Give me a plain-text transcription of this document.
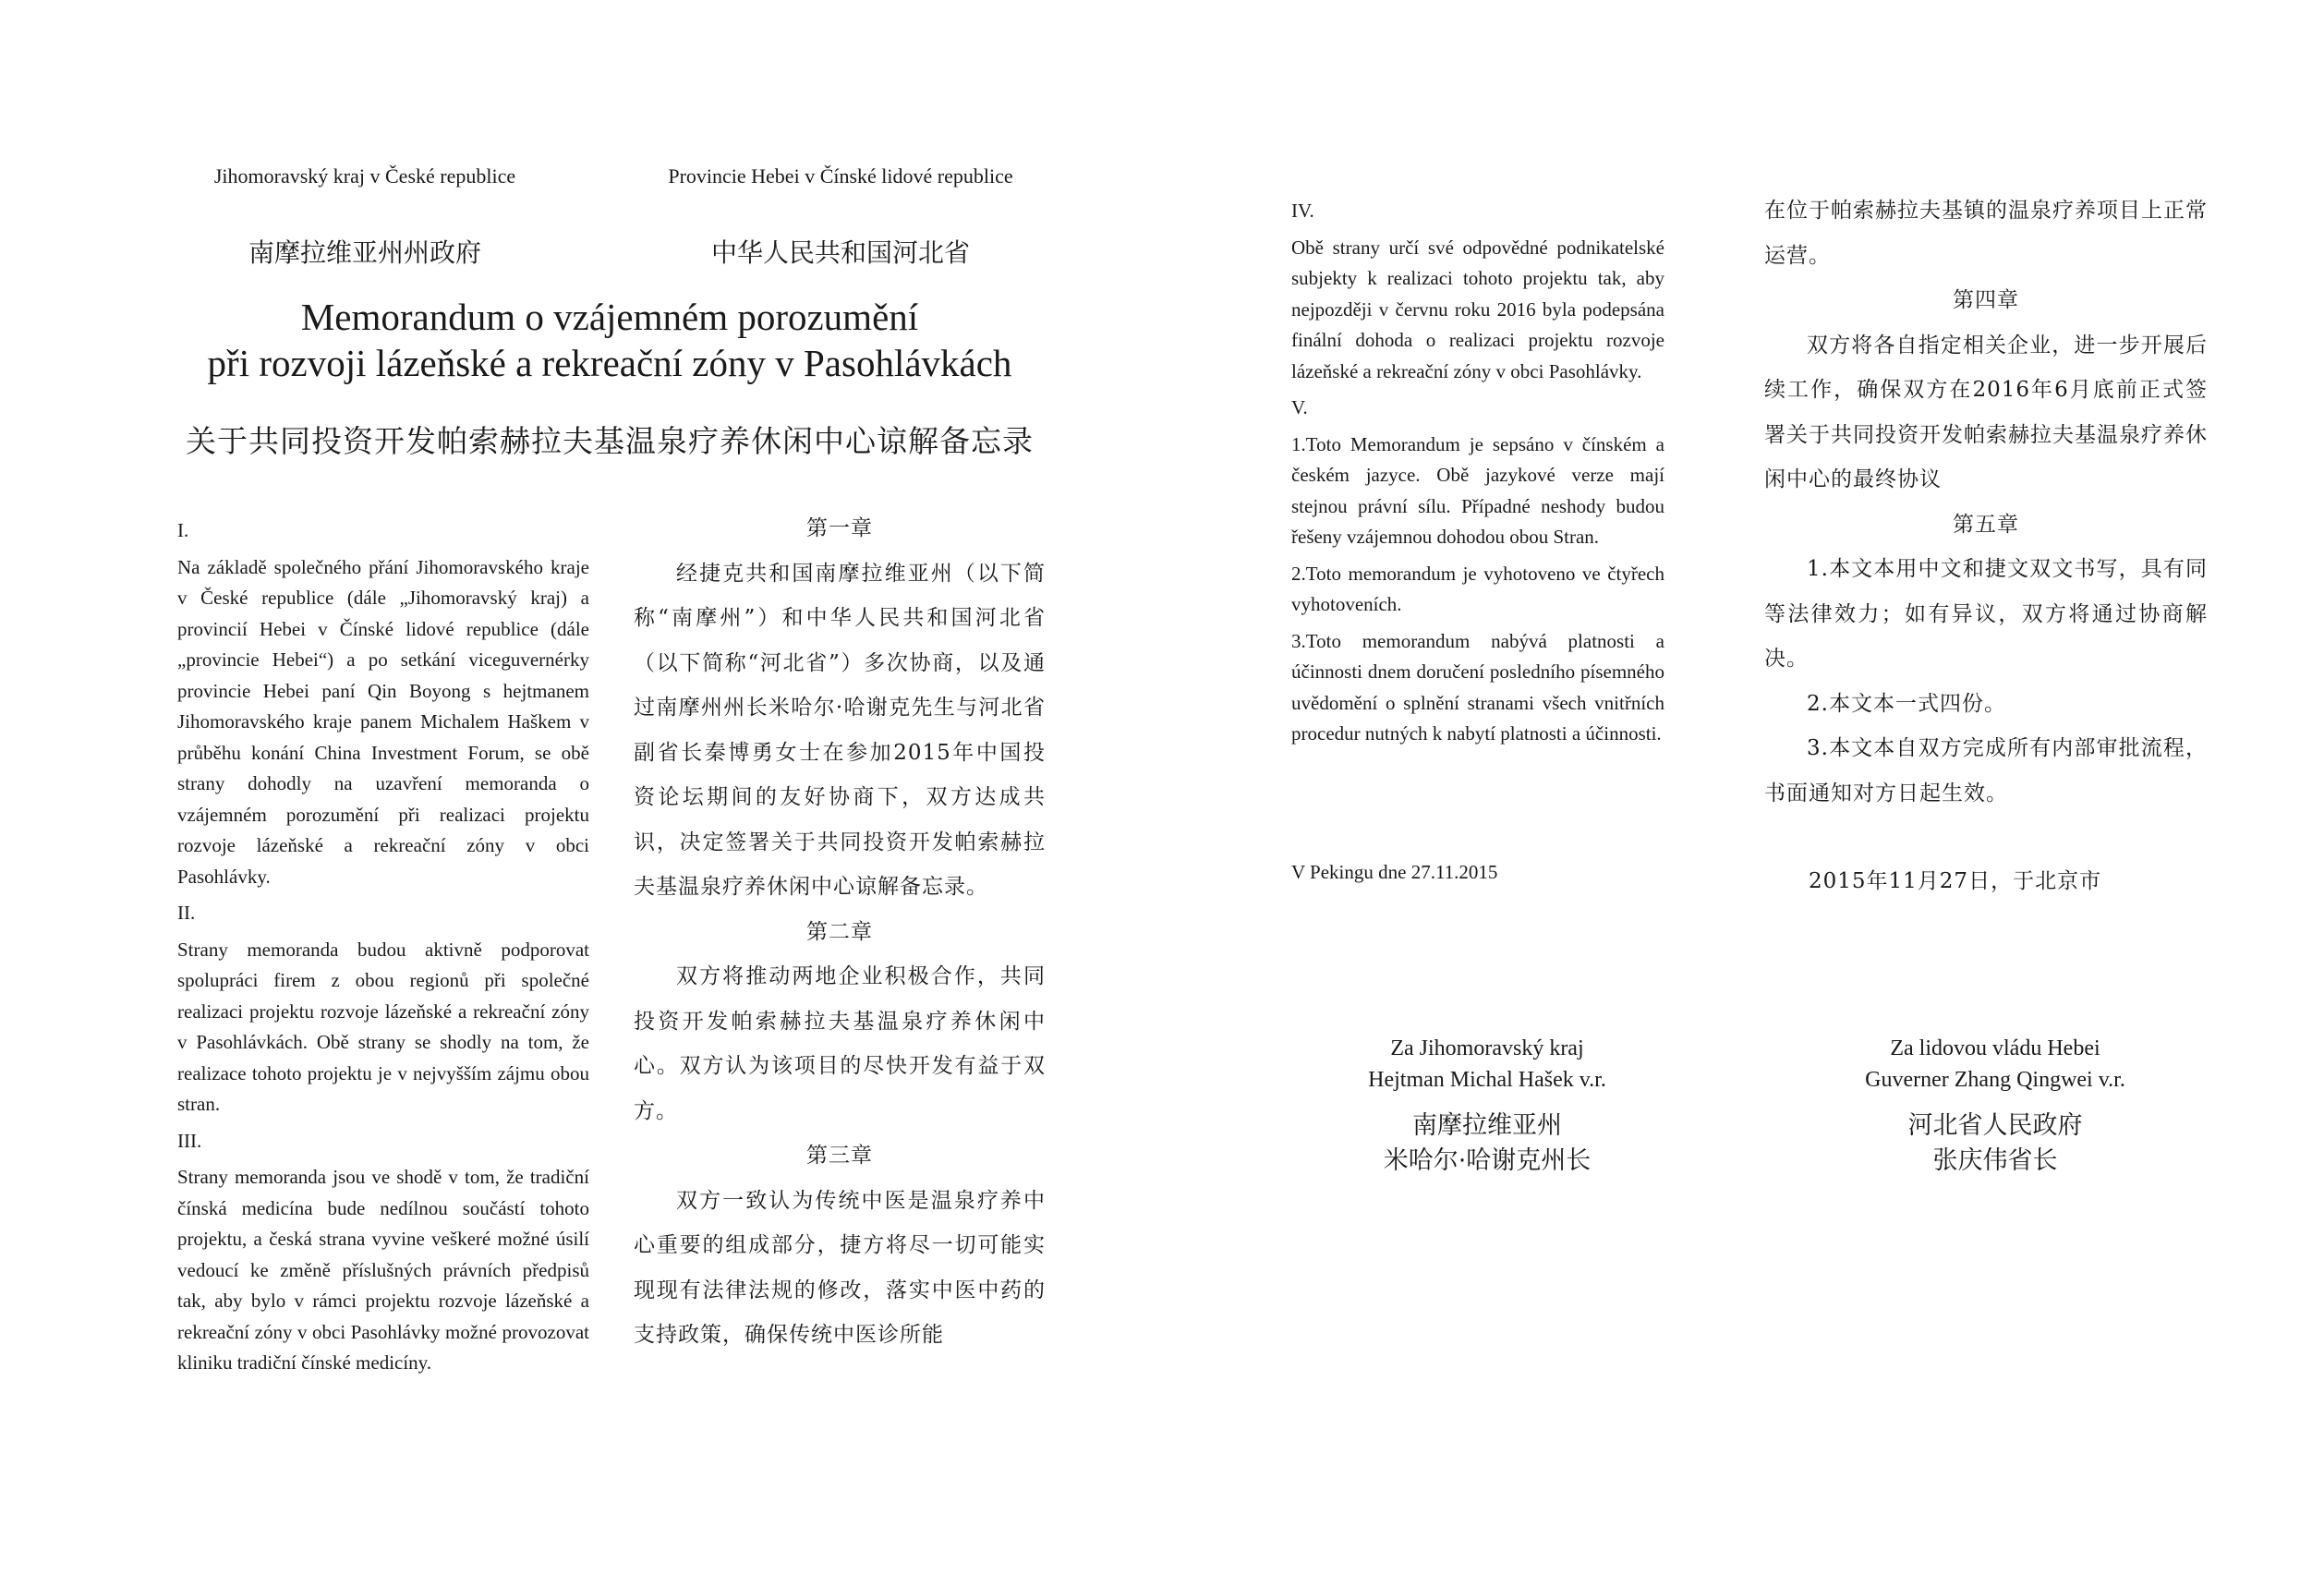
Jihomoravský kraj v České republice	Provincie Hebei v Čínské lidové republice
南摩拉维亚州州政府	中华人民共和国河北省
Memorandum o vzájemném porozumění
při rozvoji lázeňské a rekreační zóny v Pasohlávkách
关于共同投资开发帕索赫拉夫基温泉疗养休闲中心谅解备忘录

I.

Na základě společného přání Jihomoravského kraje v České republice (dále „Jihomoravský kraj) a provincií Hebei v Čínské lidové republice (dále „provincie Hebei“) a po setkání viceguvernérky provincie Hebei paní Qin Boyong s hejtmanem Jihomoravského kraje panem Michalem Haškem v průběhu konání China Investment Forum, se obě strany dohodly na uzavření memoranda o vzájemném porozumění při realizaci projektu rozvoje lázeňské a rekreační zóny v obci Pasohlávky.

II.

Strany memoranda budou aktivně podporovat spolupráci firem z obou regionů při společné realizaci projektu rozvoje lázeňské a rekreační zóny v Pasohlávkách. Obě strany se shodly na tom, že realizace tohoto projektu je v nejvyšším zájmu obou stran.

III.

Strany memoranda jsou ve shodě v tom, že tradiční čínská medicína bude nedílnou součástí tohoto projektu, a česká strana vyvine veškeré možné úsilí vedoucí ke změně příslušných právních předpisů tak, aby bylo v rámci projektu rozvoje lázeňské a rekreační zóny v obci Pasohlávky možné provozovat kliniku tradiční čínské medicíny.

第一章

经捷克共和国南摩拉维亚州（以下简称“南摩州”）和中华人民共和国河北省（以下简称“河北省”）多次协商，以及通过南摩州州长米哈尔·哈谢克先生与河北省副省长秦博勇女士在参加2015年中国投资论坛期间的友好协商下，双方达成共识，决定签署关于共同投资开发帕索赫拉夫基温泉疗养休闲中心谅解备忘录。

第二章

双方将推动两地企业积极合作，共同投资开发帕索赫拉夫基温泉疗养休闲中心。双方认为该项目的尽快开发有益于双方。

第三章

双方一致认为传统中医是温泉疗养中心重要的组成部分，捷方将尽一切可能实现现有法律法规的修改，落实中医中药的支持政策，确保传统中医诊所能

IV.

Obě strany určí své odpovědné podnikatelské subjekty k realizaci tohoto projektu tak, aby nejpozději v červnu roku 2016 byla podepsána finální dohoda o realizaci projektu rozvoje lázeňské a rekreační zóny v obci Pasohlávky.

V.

1.Toto Memorandum je sepsáno v čínském a českém jazyce. Obě jazykové verze mají stejnou právní sílu. Případné neshody budou řešeny vzájemnou dohodou obou Stran.

2.Toto memorandum je vyhotoveno ve čtyřech vyhotoveních.

3.Toto memorandum nabývá platnosti a účinnosti dnem doručení posledního písemného uvědomění o splnění stranami všech vnitřních procedur nutných k nabytí platnosti a účinnosti.

V Pekingu dne 27.11.2015

在位于帕索赫拉夫基镇的温泉疗养项目上正常运营。

第四章

双方将各自指定相关企业，进一步开展后续工作，确保双方在2016年6月底前正式签署关于共同投资开发帕索赫拉夫基温泉疗养休闲中心的最终协议

第五章

1.本文本用中文和捷文双文书写，具有同等法律效力；如有异议，双方将通过协商解决。

2.本文本一式四份。

3.本文本自双方完成所有内部审批流程，书面通知对方日起生效。

2015年11月27日，于北京市
Za Jihomoravský kraj
Hejtman Michal Hašek v.r.
南摩拉维亚州
米哈尔·哈谢克州长
Za lidovou vládu Hebei
Guverner Zhang Qingwei v.r.
河北省人民政府
张庆伟省长
